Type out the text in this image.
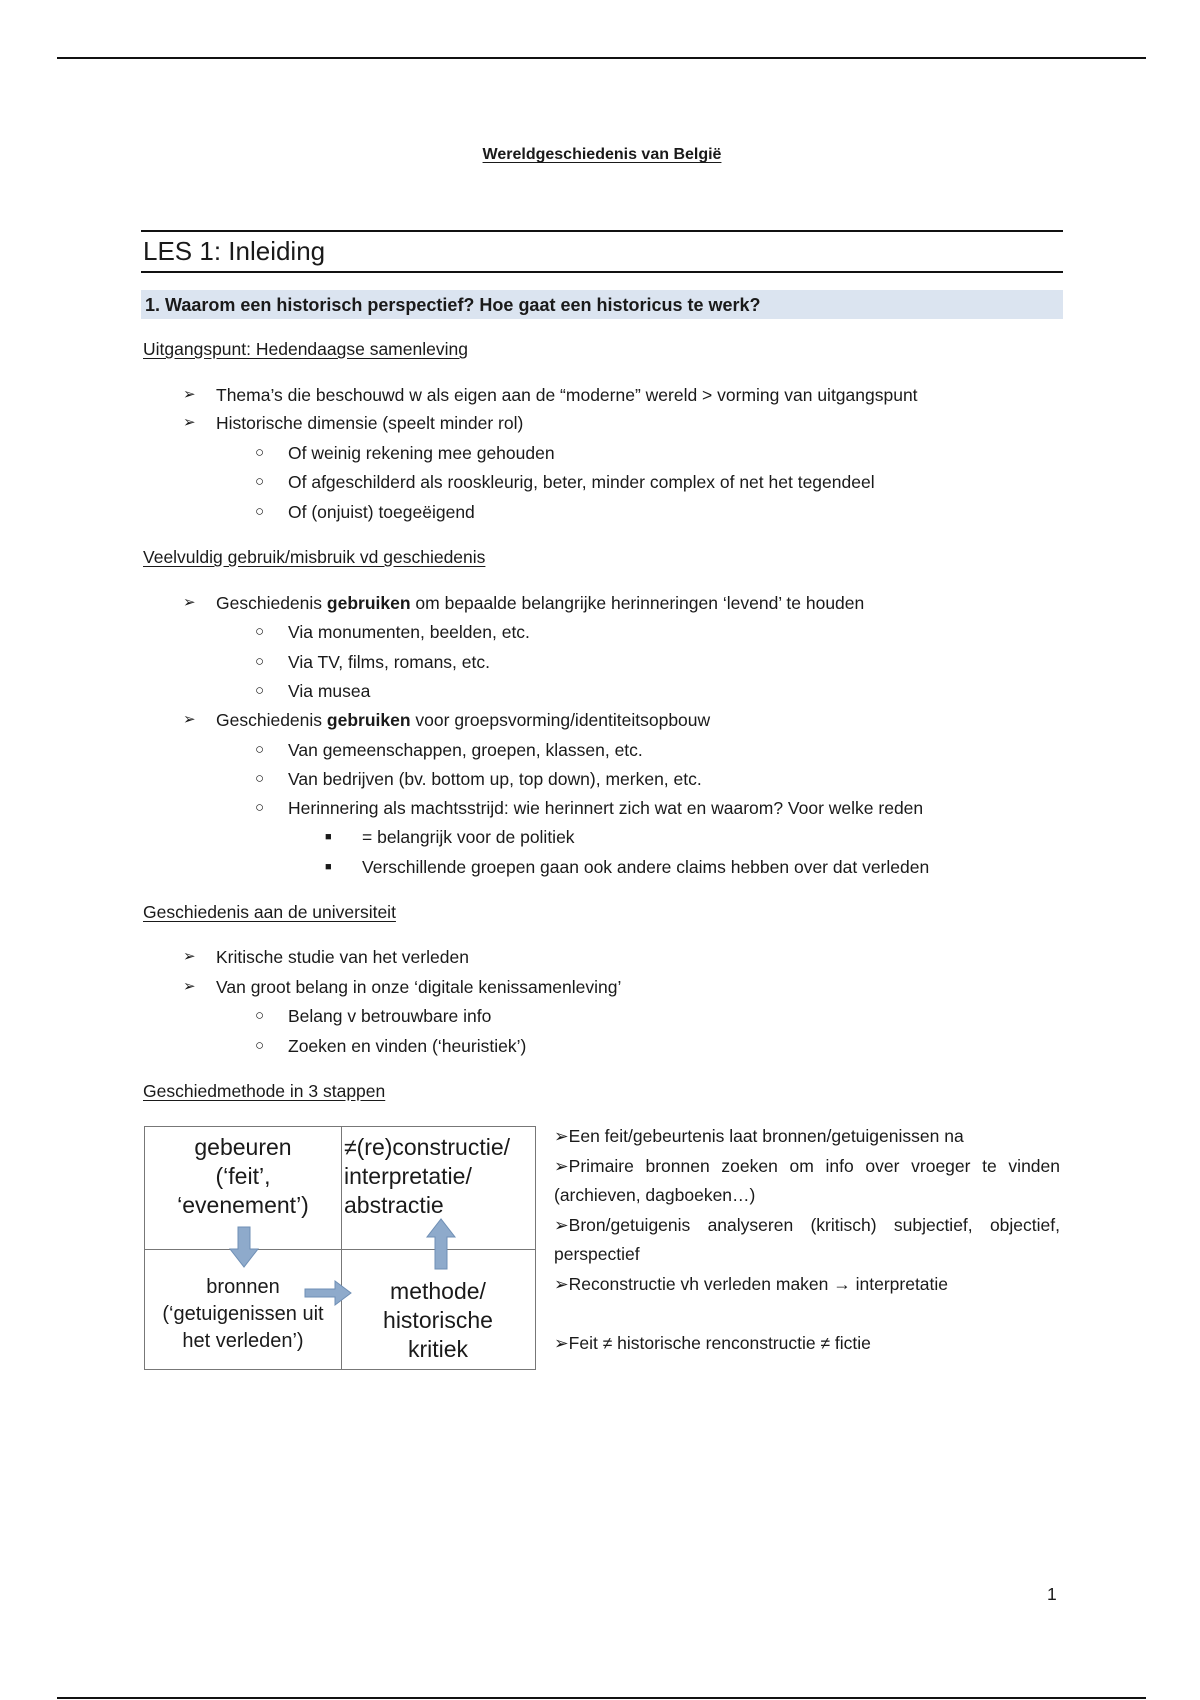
Wereldgeschiedenis van België
LES 1: Inleiding
1. Waarom een historisch perspectief? Hoe gaat een historicus te werk?
Uitgangspunt: Hedendaagse samenleving
➢ Thema’s die beschouwd w als eigen aan de “moderne” wereld > vorming van uitgangspunt
➢ Historische dimensie (speelt minder rol)
○ Of weinig rekening mee gehouden
○ Of afgeschilderd als rooskleurig, beter, minder complex of net het tegendeel
○ Of (onjuist) toegeëigend
Veelvuldig gebruik/misbruik vd geschiedenis
➢ Geschiedenis gebruiken om bepaalde belangrijke herinneringen ‘levend’ te houden
○ Via monumenten, beelden, etc.
○ Via TV, films, romans, etc.
○ Via musea
➢ Geschiedenis gebruiken voor groepsvorming/identiteitsopbouw
○ Van gemeenschappen, groepen, klassen, etc.
○ Van bedrijven (bv. bottom up, top down), merken, etc.
○ Herinnering als machtsstrijd: wie herinnert zich wat en waarom? Voor welke reden
■ = belangrijk voor de politiek
■ Verschillende groepen gaan ook andere claims hebben over dat verleden
Geschiedenis aan de universiteit
➢ Kritische studie van het verleden
➢ Van groot belang in onze ‘digitale kenissamenleving’
○ Belang v betrouwbare info
○ Zoeken en vinden (‘heuristiek’)
Geschiedmethode in 3 stappen
gebeuren
(‘feit’,
‘evenement’)
≠(re)constructie/
interpretatie/
abstractie
bronnen
(‘getuigenissen uit
het verleden’)
methode/
historische
kritiek
➢Een feit/gebeurtenis laat bronnen/getuigenissen na
➢Primaire bronnen zoeken om info over vroeger te vinden (archieven, dagboeken…)
➢Bron/getuigenis analyseren (kritisch) subjectief, objectief, perspectief
➢Reconstructie vh verleden maken → interpretatie
➢Feit ≠ historische renconstructie ≠ fictie
1
